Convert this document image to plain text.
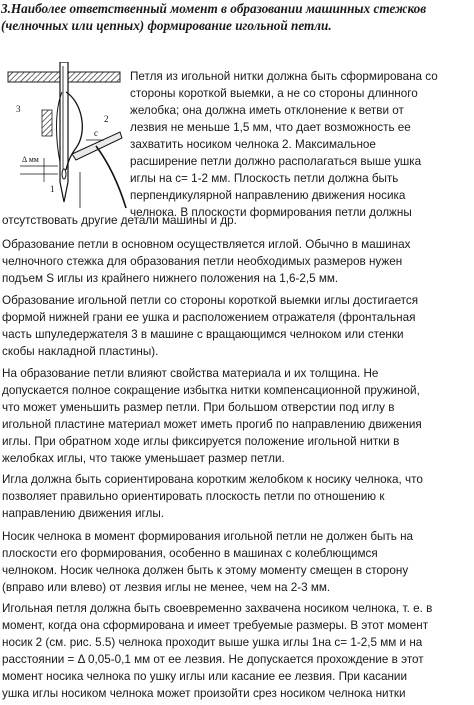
3.Наиболее ответственный момент в образовании машинных стежков
(челночных или цепных) формирование игольной петли.
3
2
Δ мм
1
с

Петля из игольной нитки должна быть сформирована со
стороны короткой выемки, а не со стороны длинного
желобка; она должна иметь отклонение к ветви от
лезвия не меньше 1,5 мм, что дает возможность ее
захватить носиком челнока 2. Максимальное
расширение петли должно располагаться выше ушка
иглы на с= 1-2 мм. Плоскость петли должна быть
перпендикулярной направлению движения носика
челнока. В плоскости формирования петли должны

отсутствовать другие детали машины и др.

Образование петли в основном осуществляется иглой. Обычно в машинах
челночного стежка для образования петли необходимых размеров нужен
подъем S иглы из крайнего нижнего положения на 1,6-2,5 мм.

Образование игольной петли со стороны короткой выемки иглы достигается
формой нижней грани ее ушка и расположением отражателя (фронтальная
часть шпуледержателя 3 в машине с вращающимся челноком или стенки
скобы накладной пластины).

На образование петли влияют свойства материала и их толщина. Не
допускается полное сокращение избытка нитки компенсационной пружиной,
что может уменьшить размер петли. При большом отверстии под иглу в
игольной пластине материал может иметь прогиб по направлению движения
иглы. При обратном ходе иглы фиксируется положение игольной нитки в
желобках иглы, что также уменьшает размер петли.

Игла должна быть сориентирована коротким желобком к носику челнока, что
позволяет правильно ориентировать плоскость петли по отношению к
направлению движения иглы.

Носик челнока в момент формирования игольной петли не должен быть на
плоскости его формирования, особенно в машинах с колеблющимся
челноком. Носик челнока должен быть к этому моменту смещен в сторону
(вправо или влево) от лезвия иглы не менее, чем на 2-3 мм.

Игольная петля должна быть своевременно захвачена носиком челнока, т. е. в
момент, когда она сформирована и имеет требуемые размеры. В этот момент
носик 2 (см. рис. 5.5) челнока проходит выше ушка иглы 1на с= 1-2,5 мм и на
расстоянии = Δ 0,05-0,1 мм от ее лезвия. Не допускается прохождение в этот
момент носика челнока по ушку иглы или касание ее лезвия. При касании
ушка иглы носиком челнока может произойти срез носиком челнока нитки
